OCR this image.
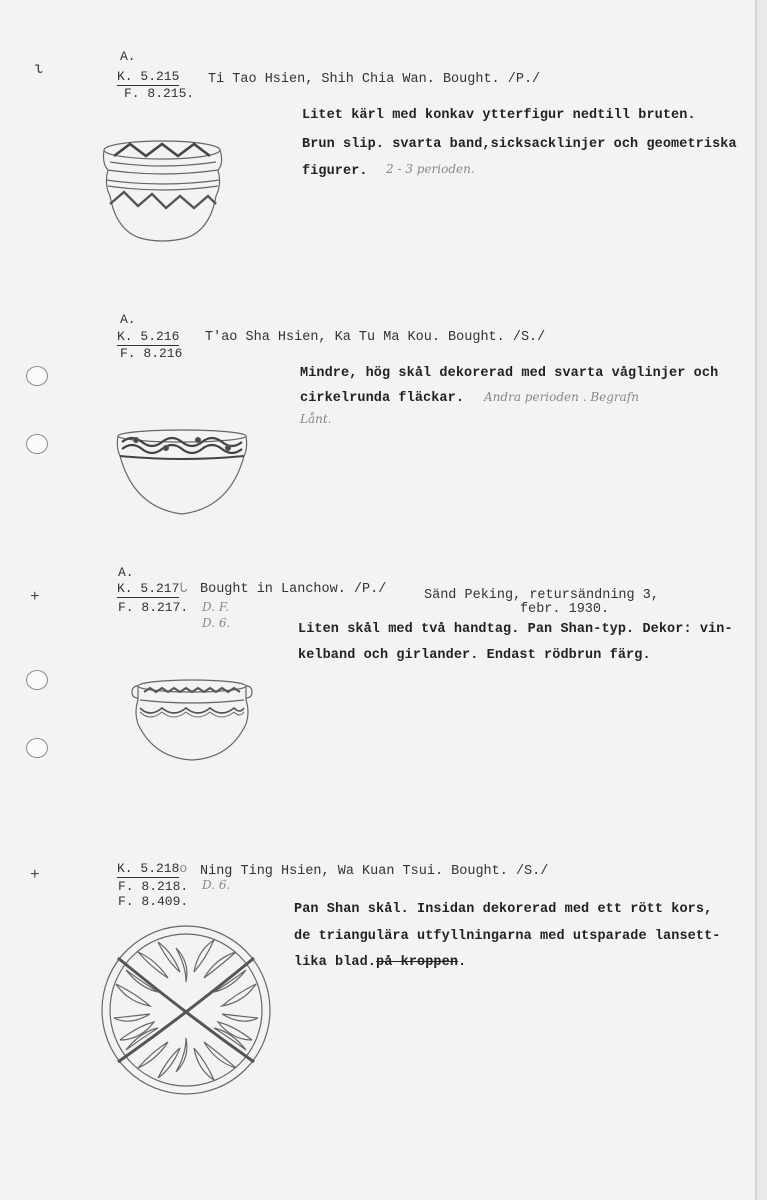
ι
+
+
A.
K. 5.215
F. 8.215.
Ti Tao Hsien, Shih Chia Wan. Bought. /P./
Litet kärl med konkav ytterfigur nedtill bruten.
Brun slip. svarta band,sicksacklinjer och geometriska
figurer. 2 - 3 perioden.
A.
K. 5.216
F. 8.216
T'ao Sha Hsien, Ka Tu Ma Kou. Bought. /S./
Mindre, hög skål dekorerad med svarta våglinjer och
cirkelrunda fläckar. Andra perioden . Begrafn
Lånt.
A.
K. 5.217ᒐ
F. 8.217. D. F.
D. 6.
Bought in Lanchow. /P./	Sänd Peking, retursändning 3,
febr. 1930.
Liten skål med två handtag. Pan Shan-typ. Dekor: vin-
kelband och girlander. Endast rödbrun färg.
K. 5.218o
F. 8.218. D. 6.
F. 8.409.
Ning Ting Hsien, Wa Kuan Tsui. Bought. /S./
Pan Shan skål. Insidan dekorerad med ett rött kors,
de triangulära utfyllningarna med utsparade lansett-
lika blad.på kroppen.
